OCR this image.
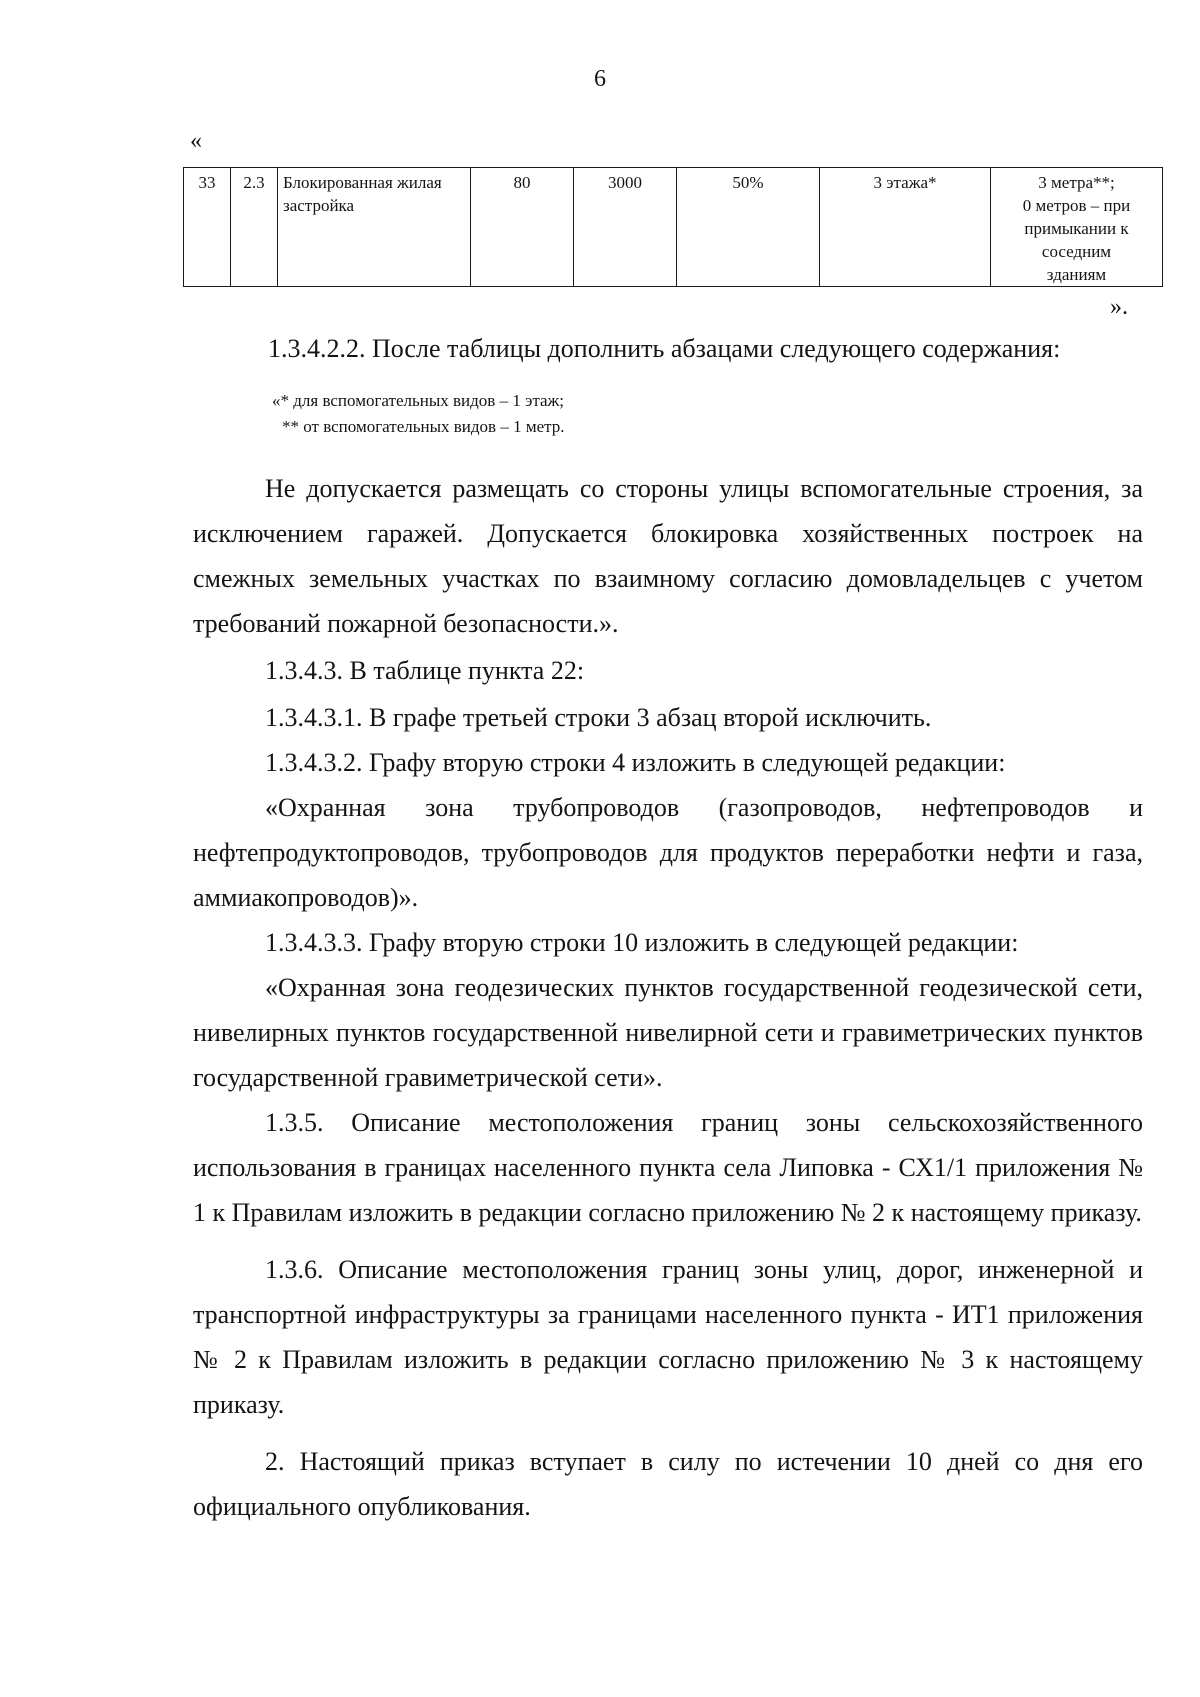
6
«
33	2.3	Блокированная жилая застройка	80	3000	50%	3 этажа*	3 метра**;
0 метров – при
примыкании к
соседним
зданиям
».
1.3.4.2.2. После таблицы дополнить абзацами следующего содержания:
«* для вспомогательных видов – 1 этаж;
** от вспомогательных видов – 1 метр.

Не допускается размещать со стороны улицы вспомогательные строения, за исключением гаражей. Допускается блокировка хозяйственных построек на смежных земельных участках по взаимному согласию домовладельцев с учетом требований пожарной безопасности.».

1.3.4.3. В таблице пункта 22:

1.3.4.3.1. В графе третьей строки 3 абзац второй исключить.

1.3.4.3.2. Графу вторую строки 4 изложить в следующей редакции:

«Охранная зона трубопроводов (газопроводов, нефтепроводов и нефтепродуктопроводов, трубопроводов для продуктов переработки нефти и газа, аммиакопроводов)».

1.3.4.3.3. Графу вторую строки 10 изложить в следующей редакции:

«Охранная зона геодезических пунктов государственной геодезической сети, нивелирных пунктов государственной нивелирной сети и гравиметрических пунктов государственной гравиметрической сети».

1.3.5. Описание местоположения границ зоны сельскохозяйственного использования в границах населенного пункта села Липовка - СХ1/1 приложения № 1 к Правилам изложить в редакции согласно приложению № 2 к настоящему приказу.

1.3.6. Описание местоположения границ зоны улиц, дорог, инженерной и транспортной инфраструктуры за границами населенного пункта - ИТ1 приложения № 2 к Правилам изложить в редакции согласно приложению № 3 к настоящему приказу.

2. Настоящий приказ вступает в силу по истечении 10 дней со дня его официального опубликования.
